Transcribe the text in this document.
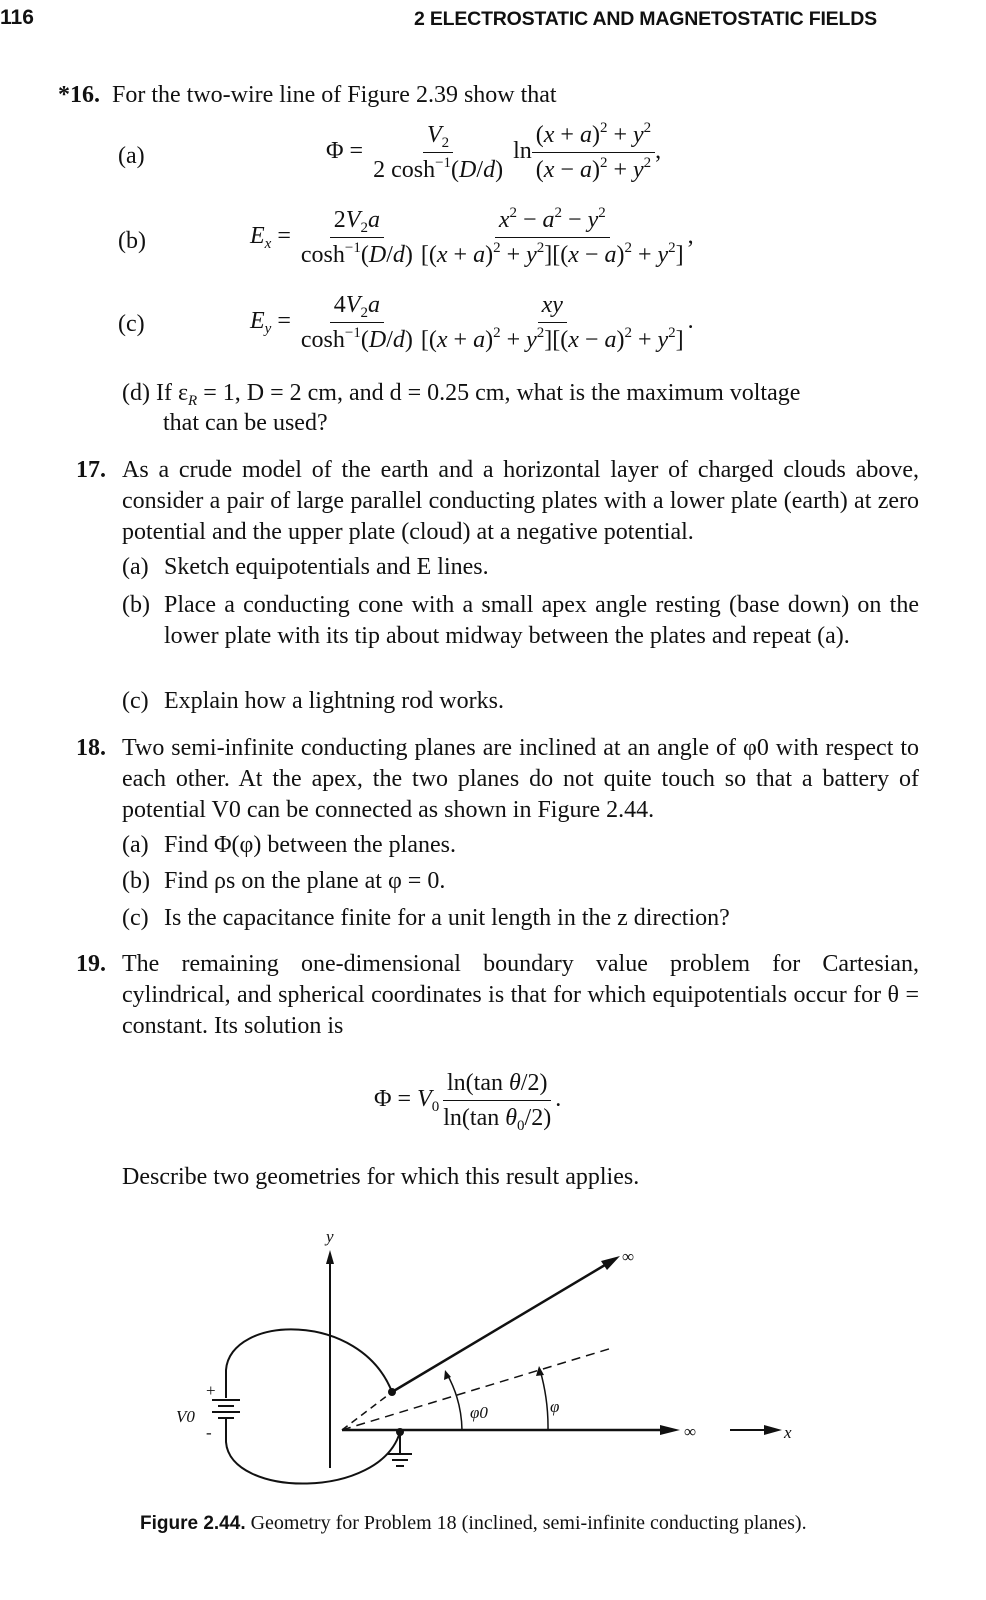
116	2 ELECTROSTATIC AND MAGNETOSTATIC FIELDS
*16. For the two-wire line of Figure 2.39 show that
(a)	$\Phi = \frac{V_2}{2 \cosh^{-1}(D/d)}$ $\ln \frac{(x + a)^2 + y^2}{(x - a)^2 + y^2}$ ,
(b)	$E_x = \frac{2V_2a}{\cosh^{-1}(D/d)} \frac{x^2 - a^2 - y^2}{[(x + a)^2 + y^2][(x - a)^2 + y^2]}$ ,
(c)	$E_y = \frac{4V_2a}{\cosh^{-1}(D/d)} \frac{xy}{[(x + a)^2 + y^2][(x - a)^2 + y^2]}$ .
(d) If $\varepsilon_R = 1$, D = 2 cm, and d = 0.25 cm, what is the maximum voltage
that can be used?
17. As a crude model of the earth and a horizontal layer of charged clouds above, consider a pair of large parallel conducting plates with a lower plate (earth) at zero potential and the upper plate (cloud) at a negative potential.
(a) Sketch equipotentials and E lines.
(b) Place a conducting cone with a small apex angle resting (base down) on the lower plate with its tip about midway between the plates and repeat (a).
(c) Explain how a lightning rod works.
18. Two semi-infinite conducting planes are inclined at an angle of φ0 with respect to each other. At the apex, the two planes do not quite touch so that a battery of potential V0 can be connected as shown in Figure 2.44.
(a) Find Φ(φ) between the planes.
(b) Find ρs on the plane at φ = 0.
(c) Is the capacitance finite for a unit length in the z direction?
19. The remaining one-dimensional boundary value problem for Cartesian, cylindrical, and spherical coordinates is that for which equipotentials occur for θ = constant. Its solution is
$\Phi = V_0 \frac{\text{ln(tan θ/2)}}{\ln(\tan \theta_0/2)}$ .
Describe two geometries for which this result applies.
y
x
∞
∞
φ0	φ
V0
+
-
Figure 2.44. Geometry for Problem 18 (inclined, semi-infinite conducting planes).
